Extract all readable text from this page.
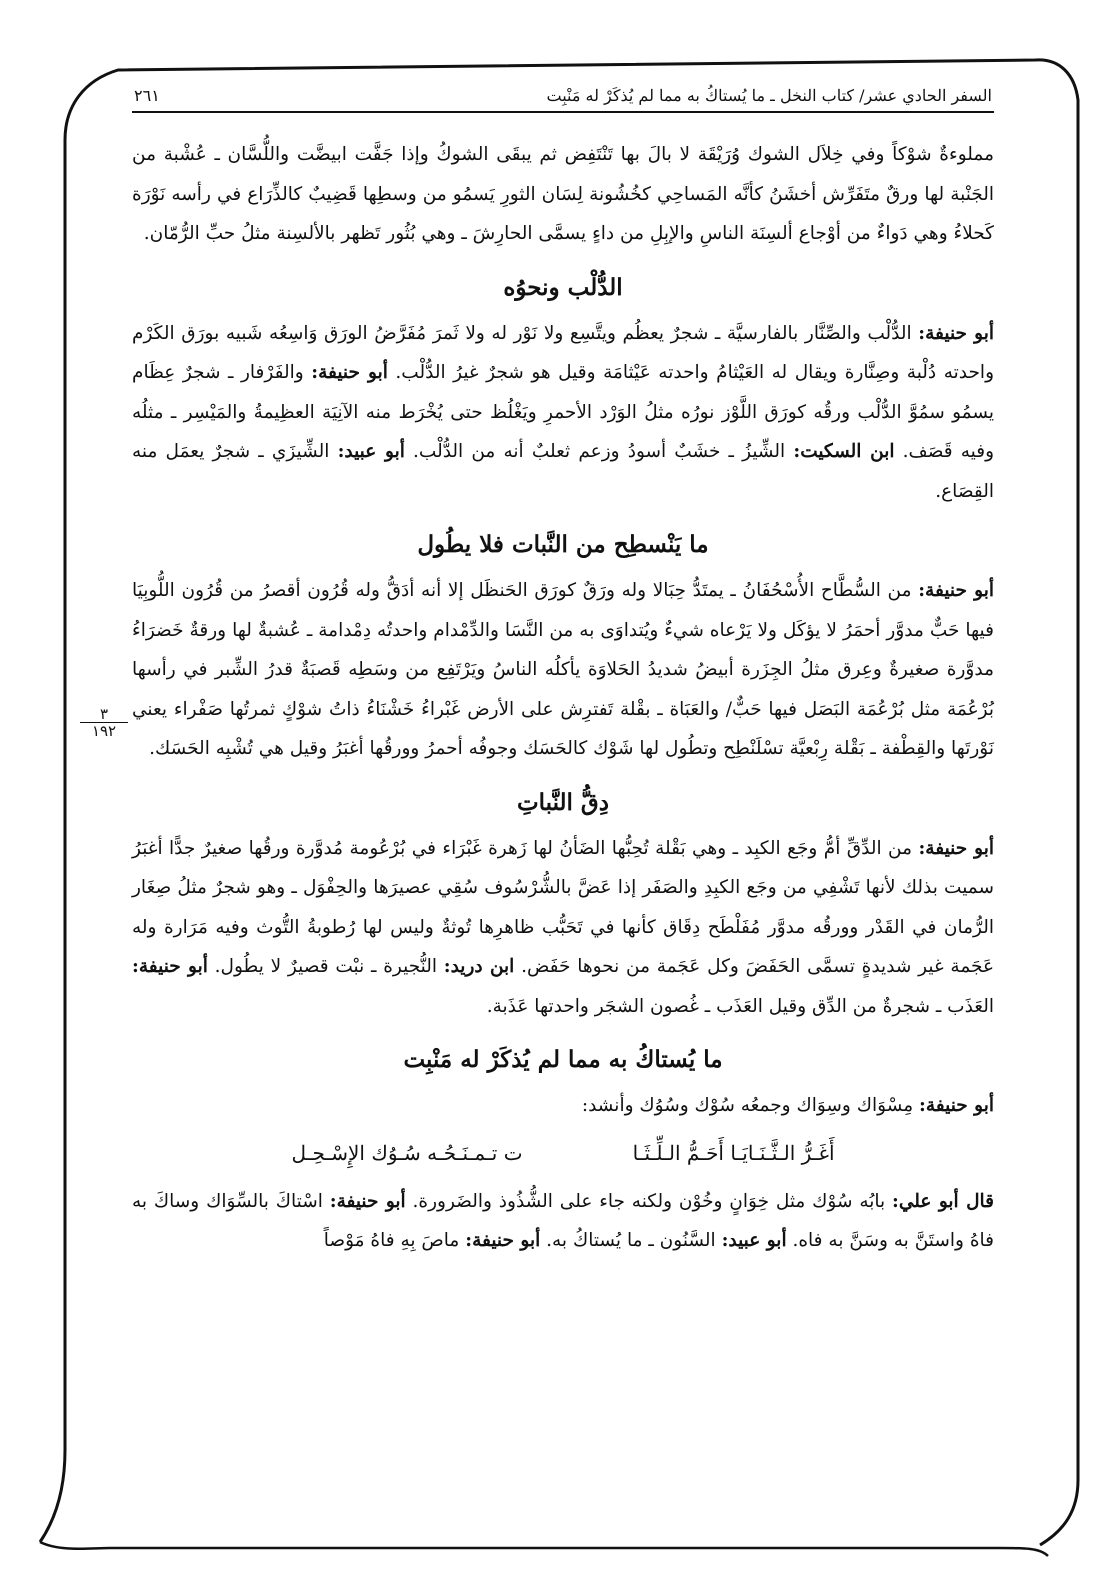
٣
١٩٢
السفر الحادي عشر/ كتاب النخل ـ ما يُستاكُ به مما لم يُذكَرْ له مَنْبِت
٢٦١

مملوءةٌ شوْكاً وفي خِلاَل الشوك وُرَيْقَة لا بالَ بها تَنْتَفِض ثم يبقَى الشوكُ وإذا جَفَّت ابيضَّت واللُّسَّان ـ عُشْبة من الجَنْبة لها ورقٌ متَفَرِّش أخشَنُ كأنَّه المَساحِي كخُشُونة لِسَان الثورِ يَسمُو من وسطِها قَضِيبٌ كالذِّرَاع في رأسه نَوْرَة كَحلاءُ وهي دَواءٌ من أوْجاع ألسِنَة الناسِ والإبِلِ من داءٍ يسمَّى الحارِشَ ـ وهي بُثُور تَظهر بالألسِنة مثلُ حبِّ الرُّمّان.

الدُّلْب ونحوُه

أبو حنيفة: الدُّلْب والصِّنَّار بالفارسيَّة ـ شجرٌ يعظُم ويتَّسِع ولا نَوْر له ولا ثَمرَ مُفَرَّضُ الورَق وَاسِعُه شَبيه بورَق الكَرْم واحدته دُلْبة وصِنَّارة ويقال له العَيْثامُ واحدته عَيْثامَة وقيل هو شجرٌ غيرُ الدُّلْب. أبو حنيفة: والفَرْفار ـ شجرٌ عِظَام يسمُو سمُوَّ الدُّلْب ورقُه كورَق اللَّوْز نورُه مثلُ الوَرْد الأحمرِ ويَغْلُظ حتى يُخْرَط منه الآنِيَة العظِيمةُ والمَيْسِر ـ مثلُه وفيه قَصَف. ابن السكيت: الشِّيزُ ـ خشَبٌ أسودُ وزعم ثعلبٌ أنه من الدُّلْب. أبو عبيد: الشِّيزَي ـ شجرٌ يعمَل منه القِصَاع.

ما يَنْسطِح من النَّبات فلا يطُول

أبو حنيفة: من السُّطَّاح الأُسْحُفَانُ ـ يمتَدُّ حِبَالا وله ورَقٌ كورَق الحَنظَل إلا أنه أدَقُّ وله قُرُون أقصرُ من قُرُون اللُّوبِيَا فيها حَبٌّ مدوَّر أحمَرُ لا يؤكَل ولا يَرْعاه شيءٌ ويُتداوَى به من النَّسَا والدِّمْدام واحدتُه دِمْدامة ـ عُشبةٌ لها ورقةٌ خَضرَاءُ مدوَّرة صغيرةٌ وعِرق مثلُ الجِزَرة أبيضُ شديدُ الحَلاوَة يأكلُه الناسُ ويَرْتَفِع من وسَطِه قَصبَةٌ قدرُ الشِّبر في رأسها بُرْعُمَة مثل بُرْعُمَة البَصَل فيها حَبٌّ/ والعَبَاة ـ بقْلة تَفترِش على الأرض غَبْراءُ خَشْنَاءُ ذاتُ شوْكٍ ثمرتُها صَفْراء يعني نَوْرتَها والقِطْفة ـ بَقْلة رِبْعيَّة تسْلَنْطِح وتطُول لها شَوْك كالحَسَك وجوفُه أحمرُ وورقُها أغبَرُ وقيل هي تُشْبِه الحَسَك.

دِقُّ النَّباتِ

أبو حنيفة: من الدِّقِّ أمُّ وجَع الكبِد ـ وهي بَقْلة تُحِبُّها الضَأنُ لها زَهرة غَبْرَاء في بُرْعُومة مُدوَّرة ورقُها صغيرٌ جدًّا أغبَرُ سميت بذلك لأنها تَشْفِي من وجَع الكبِدِ والصَفَر إذا عَضَّ بالشُّرْسُوف سُقِي عصيرَها والحِفْوَل ـ وهو شجرٌ مثلُ صِغَار الرُّمان في القَدْر وورقُه مدوَّر مُفَلْطَح دِقَاق كأنها في تَحَبُّب ظاهرِها تُوثةٌ وليس لها رُطوبةُ التُّوث وفيه مَرَارة وله عَجَمة غير شديدةٍ تسمَّى الحَفَضَ وكل عَجَمة من نحوها حَفَض. ابن دريد: النُّجيرة ـ نبْت قصيرٌ لا يطُول. أبو حنيفة: العَذَب ـ شجرةٌ من الدِّق وقيل العَذَب ـ غُصون الشجَر واحدتها عَذَبة.

ما يُستاكُ به مما لم يُذكَرْ له مَنْبِت

أبو حنيفة: مِسْوَاك وسِوَاك وجمعُه سُوْك وسُوُك وأنشد:

أَغَـرُّ الـثَّـنَـايَـا أَحَـمُّ الـلِّـثَـا
ت تـمـنَـحُـه سُـوُك الإِسْـحِـل

قال أبو علي: بابُه سُوْك مثل خِوَانٍ وخُوْن ولكنه جاء على الشُّذُوذ والضَرورة. أبو حنيفة: اسْتاكَ بالسِّوَاك وساكَ به فاهُ واستَنَّ به وسَنَّ به فاه. أبو عبيد: السَّنُون ـ ما يُستاكُ به. أبو حنيفة: ماصَ بِهِ فاهُ مَوْصاً
